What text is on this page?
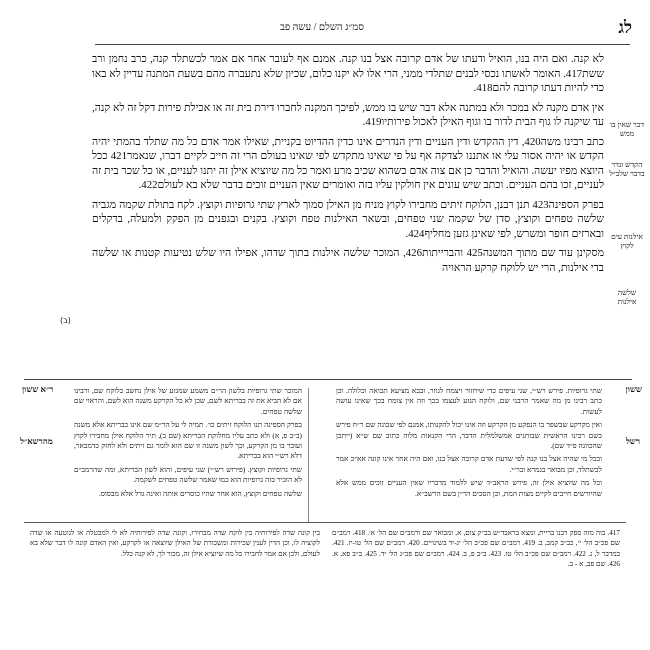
לג
סמ״ג השלם / עשה פב

לא קנה. ואם היה בנו, הואיל ודעתו של אדם קרובה אצל בנו קנה. אמנם אף לעובר אחר אם אמר לכשתלד קנה, כרב נחמן ורב ששת417. האומר לאשתו נכסי לבנים שתלדי ממני, הרי אלו לא יקנו כלום, שכיון שלא נתעברה מהם בשעת המתנה עדיין לא באו כדי להיות דעתו קרובה להם418.

אין אדם מקנה לא במכר ולא במתנה אלא דבר שיש בו ממש, לפיכך המקנה לחברו דירת בית זה או אכילת פירות דקל זה לא קנה, עד שיקנה לו גוף הבית לדור בו וגוף האילן לאכול פירותיו419.

כתב רבינו משה420, דין ההקדש ודין העניים ודין הנדרים אינו כדין ההדיוט בקניית, שאילו אמר אדם כל מה שתלד בהמתי יהיה הקדש או יהיה אסור עלי או אתננו לצדקה אף על פי שאינו מתקדש לפי שאינו בעולם הרי זה חייב לקיים דברו, שנאמר421 ככל היוצא מפיו יעשה. והואיל והדבר כן אם צוה אדם כשהוא שכיב מרע ואמר כל מה שיוציא אילן זה יתנו לעניים, או כל שכר בית זה לעניים, זכו בהם העניים. וכתב שיש עונים אין חולקין עליו בזה ואומרים שאין העניים זוכים בדבר שלא בא לעולם422.

בפרק הספינה423 תנן רבנן, הלוקח זיתים מחבירו לקוץ מניח מן האילן סמוך לארץ שתי גרופיות וקוצץ. לקח בתולת שקמה מגביה שלשה טפחים וקוצץ, סדן של שקמה שני טפחים, ובשאר האילנות טפח וקוצץ. בקנים ובגפנים מן הפקק ולמעלה, בדקלים ובארזים חופר ומשרש, לפי שאינן גזען מחליף424.

מסקינן עוד שם מתוך המשנה425 והברייתות426, המוכר שלשה אילנות בתוך שדהו, אפילו היו שלש נטיעות קטנות או שלשה בדי אילנות, הרי יש ללוקח קרקע הראויה

דבר שאין בו ממש
הקדש ונדר בדבר שלב״ל
אילנות עים לקוץ
שלשה אילנות
(ב)
ששון
ר״א ששון
רשל
מהרשא״ל

שתי גרופיות. פירש רש״י, שני עיפים כדי שיחזור ויצמח לגוזר, ובבא מציעא תבואה וכלולה. וכן כתב רבינו מן מה שאמר הרבני שם, ולוקח הגזע לעצמו בכך וזה אין צומח בכך שאינו עושה לעשות.

ואין מקרקע שבשפר בו הנפקע מן הקרקע וזה אינו יכול להקנותו, אמנם לפי שבונה שם ר״ח פירש בשם רבינו הראשית שבוחנים אמשלמלית הדבר, הרי הקנאות מלוה כתוב שם ש״א (ייתכן שהכוונה פ״ד שם).

ובכל מי שהיה אצל בנו קנה לפי שדעת אדם קרובה אצל בנו, ואם היה אחר אינו קונה אא״כ אמר לכשתלד, וכן מבואר בגמרא ובר״י.

וכל מה שיוציא אילן זה, פירש הראב״ד שיש ללמוד מדבריו שאין העניים זוכים ממש אלא שהיורשים חייבים לקיים מצות המת, וכן הסכים הר״ן בשם הרשב״א.

המוכר שתי גרופיות בלשון הר״ם משמע שמגזע של אילן נחשב כלוקח שם, ורבינו אם לא הביא את זה בבריתא לשם, שכן לא כל הקרקע משנה הוא לשם, והראוי שם שלשה טפחים.

בפרק הספינה תנו הלוקח זיתים כו׳. תמיה לי על הר״מ שם אינו כבריתא אלא משנה (ב״ב פ, א) ולא כתב עליו מחלוקת הבריתא (שם ב), תיר הלוקח אילן מחבירו לקוץ ועובר בו מן הקרקע, וכך לשון משנה זו שם הוא לומר גם זיתים ולא לחזק כדמבאר, דלא רש״י הוא בבריתא.

שתי גרופיות וקוצץ. (פירוש רש״י) שני עיפים, והוא לשון הבריתא, ומה שהרמב״ם לא הזכיר בזה גרופיות הוא כמו שאמר שלשה טפחים לשקמה.

שלשה טפחים וקוצץ, הוא אחר שהיו כוסרים אותה ואינה גדל אלא מבסוס.

417. בוה מזה ספק רבנו בריית, ומצא בראבד״ש בב״ק צום, א, ומבואר שם ורמב״ם שם הל׳ א׳. 418. רמב״ם שם פכ״ב הל׳ י׳, כב״ב קמב, ב. 419. רמב״ם שם פכ״ב הל׳ יג-יד בשינויים. 420. רמב״ם שם הל׳ טו-יז. 421. במדבר ל, ג. 422. רמב״ם שם פכ״ב הל׳ טז. 423. ב״ב פ, ב. 424. רמב״ם שם פכ״ג הל׳ יד. 425. ב״ב פא, א. 426. שם פב, א - ב.
בין קונה שדה לפירותיה בין לוקח שדה מבחירו, וקונה שדה לפירותיה לא לי למבטלה או לנוטעה או שדה לקוציה לו, וכן הדין לענין שכירות ומשכורת של האילן שיוצאה או לקרקע, ואין האדם קונה לו דבר שלא בא לעולם, ולכן אם אמר לחבירו כל מה שיוציא אילן זה, מכור לך, לא קנה כלל.
